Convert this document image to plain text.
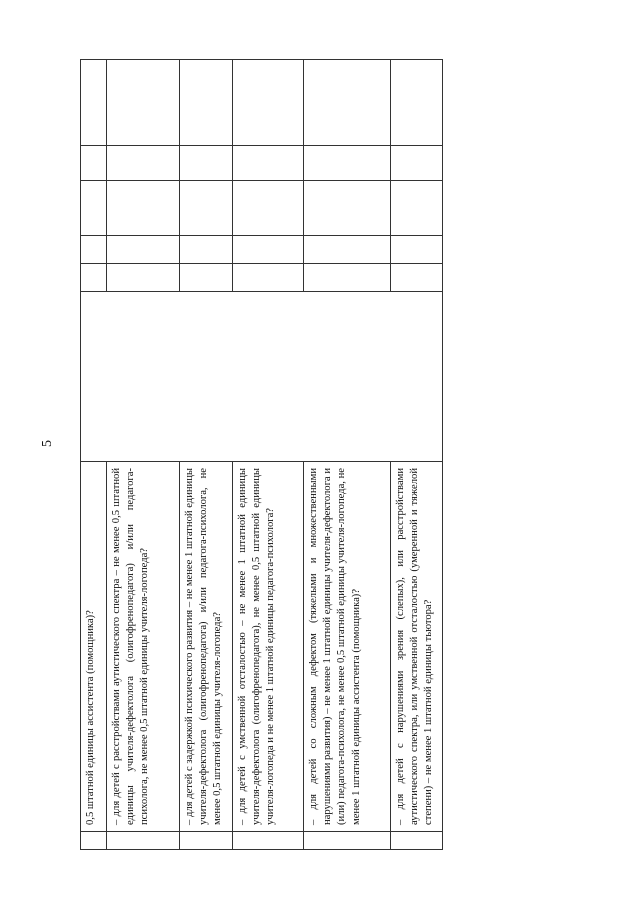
5
	0,5 штатной единицы ассистента (помощника)?						
	– для детей с расстройствами аутистического спектра – не менее 0,5 штатной единицы учителя-дефектолога (олигофренопедагога) и/или педагога-психолога, не менее 0,5 штатной единицы учителя-логопеда?						
	– для детей с задержкой психического развития – не менее 1 штатной единицы учителя-дефектолога (олигофренопедагога) и/или педагога-психолога, не менее 0,5 штатной единицы учителя-логопеда?						
	– для детей с умственной отсталостью – не менее 1 штатной единицы учителя-дефектолога (олигофренопедагога), не менее 0,5 штатной единицы учителя-логопеда и не менее 1 штатной единицы педагога-психолога?						
	– для детей со сложным дефектом (тяжелыми и множественными нарушениями развития) – не менее 1 штатной единицы учителя-дефектолога и (или) педагога-психолога, не менее 0,5 штатной единицы учителя-логопеда, не менее 1 штатной единицы ассистента (помощника)?						
	– для детей с нарушениями зрения (слепых), или расстройствами аутистического спектра, или умственной отсталостью (умеренной и тяжелой степени) – не менее 1 штатной единицы тьютора?						
